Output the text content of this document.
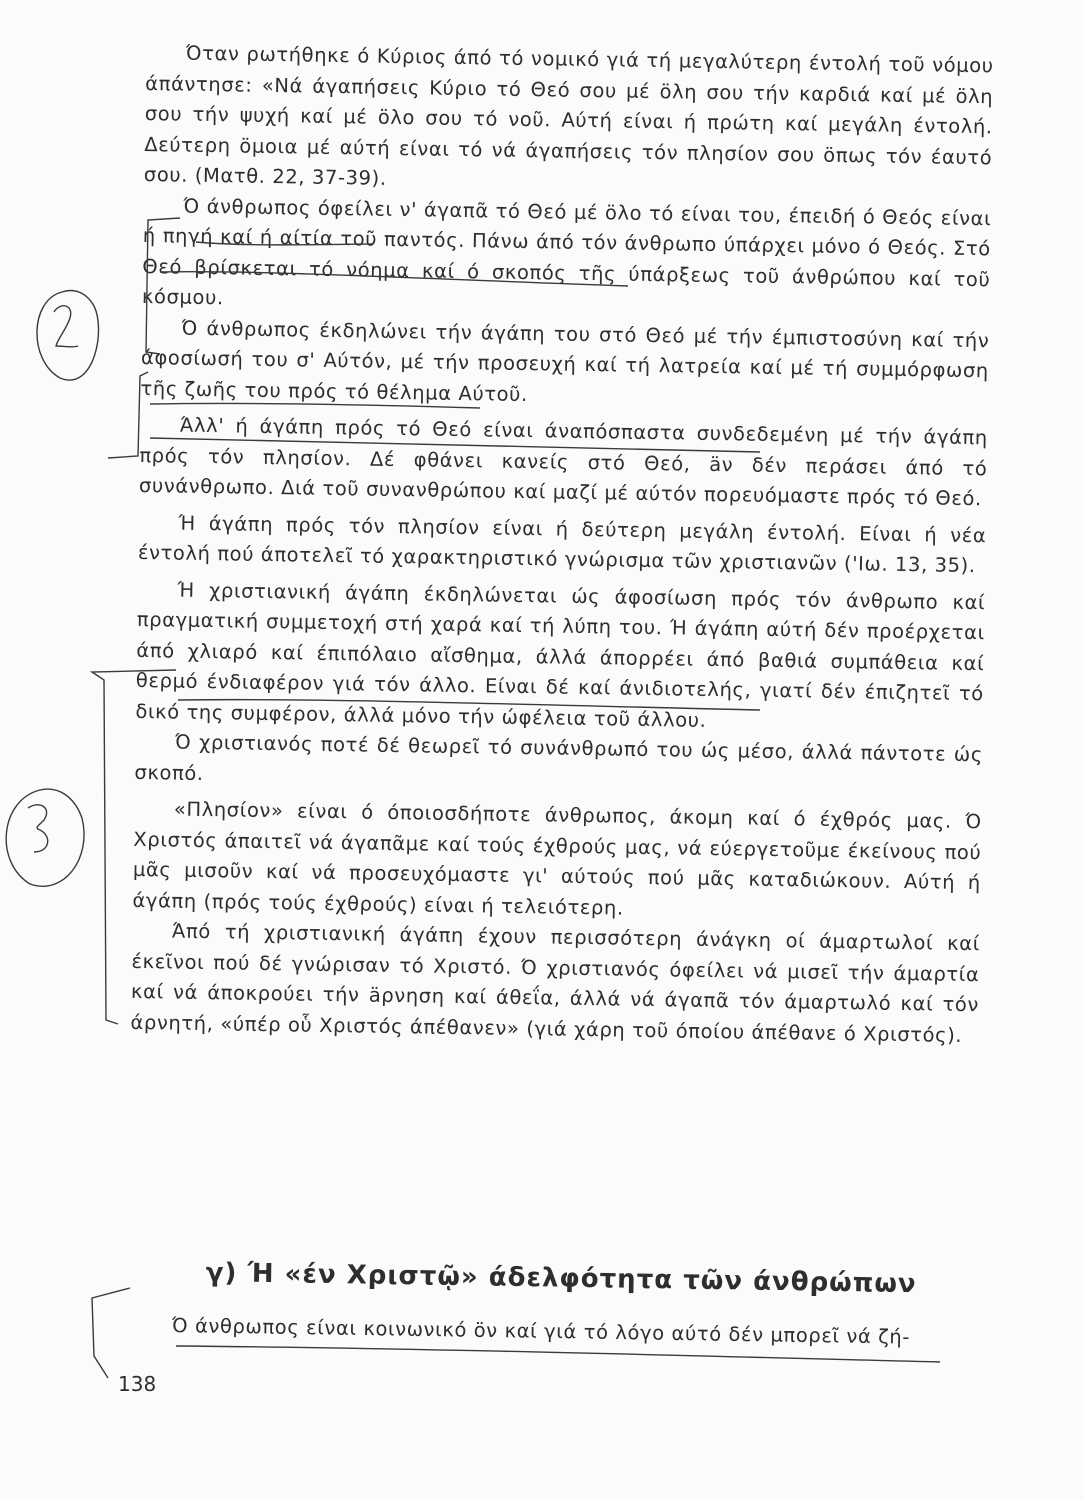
Όταν ρωτήθηκε ό Κύριος άπό τό νομικό γιά τή μεγαλύτερη έντολή τοῦ νόμου άπάντησε: «Νά άγαπήσεις Κύριο τό Θεό σου μέ öλη σου τήν καρδιά καί μέ öλη σου τήν ψυχή καί μέ öλο σου τό νοῦ. Αύτή είναι ή πρώτη καί μεγάλη έντολή. Δεύτερη öμοια μέ αύτή είναι τό νά άγαπήσεις τόν πλησίον σου öπως τόν έαυτό σου. (Ματθ. 22, 37-39).

Ό άνθρωπος όφείλει ν' άγαπᾶ τό Θεό μέ öλο τό είναι του, έπειδή ό Θεός είναι ή πηγή καί ή αίτία τοῦ παντός. Πάνω άπό τόν άνθρωπο ύπάρχει μόνο ό Θεός. Στό Θεό βρίσκεται τό νόημα καί ό σκοπός τῆς ύπάρξεως τοῦ άνθρώπου καί τοῦ κόσμου.

Ό άνθρωπος έκδηλώνει τήν άγάπη του στό Θεό μέ τήν έμπιστοσύνη καί τήν άφοσίωσή του σ' Αύτόν, μέ τήν προσευχή καί τή λατρεία καί μέ τή συμμόρφωση τῆς ζωῆς του πρός τό θέλημα Αύτοῦ.

Άλλ' ή άγάπη πρός τό Θεό είναι άναπόσπαστα συνδεδεμένη μέ τήν άγάπη πρός τόν πλησίον. Δέ φθάνει κανείς στό Θεό, äν δέν περάσει άπό τό συνάνθρωπο. Διά τοῦ συνανθρώπου καί μαζί μέ αύτόν πορευόμαστε πρός τό Θεό.

Ή άγάπη πρός τόν πλησίον είναι ή δεύτερη μεγάλη έντολή. Είναι ή νέα έντολή πού άποτελεῖ τό χαρακτηριστικό γνώρισμα τῶν χριστιανῶν ('Ιω. 13, 35).

Ή χριστιανική άγάπη έκδηλώνεται ώς άφοσίωση πρός τόν άνθρωπο καί πραγματική συμμετοχή στή χαρά καί τή λύπη του. Ή άγάπη αύτή δέν προέρχεται άπό χλιαρό καί έπιπόλαιο αἴσθημα, άλλά άπορρέει άπό βαθιά συμπάθεια καί θερμό ένδιαφέρον γιά τόν άλλο. Είναι δέ καί άνιδιοτελής, γιατί δέν έπιζητεῖ τό δικό της συμφέρον, άλλά μόνο τήν ώφέλεια τοῦ άλλου.

Ό χριστιανός ποτέ δέ θεωρεῖ τό συνάνθρωπό του ώς μέσο, άλλά πάντοτε ώς σκοπό.

«Πλησίον» είναι ό όποιοσδήποτε άνθρωπος, άκομη καί ό έχθρός μας. Ό Χριστός άπαιτεῖ νά άγαπᾶμε καί τούς έχθρούς μας, νά εύεργετοῦμε έκείνους πού μᾶς μισοῦν καί νά προσευχόμαστε γι' αύτούς πού μᾶς καταδιώκουν. Αύτή ή άγάπη (πρός τούς έχθρούς) είναι ή τελειότερη.

Άπό τή χριστιανική άγάπη έχουν περισσότερη άνάγκη οί άμαρτωλοί καί έκεῖνοι πού δέ γνώρισαν τό Χριστό. Ό χριστιανός όφείλει νά μισεῖ τήν άμαρτία καί νά άποκρούει τήν äρνηση καί άθεΐα, άλλά νά άγαπᾶ τόν άμαρτωλό καί τόν άρνητή, «ύπέρ οὗ Χριστός άπέθανεν» (γιά χάρη τοῦ όποίου άπέθανε ό Χριστός).

γ) Ή «έν Χριστῷ» άδελφότητα τῶν άνθρώπων

Ό άνθρωπος είναι κοινωνικό öν καί γιά τό λόγο αύτό δέν μπορεῖ νά ζή-

138
